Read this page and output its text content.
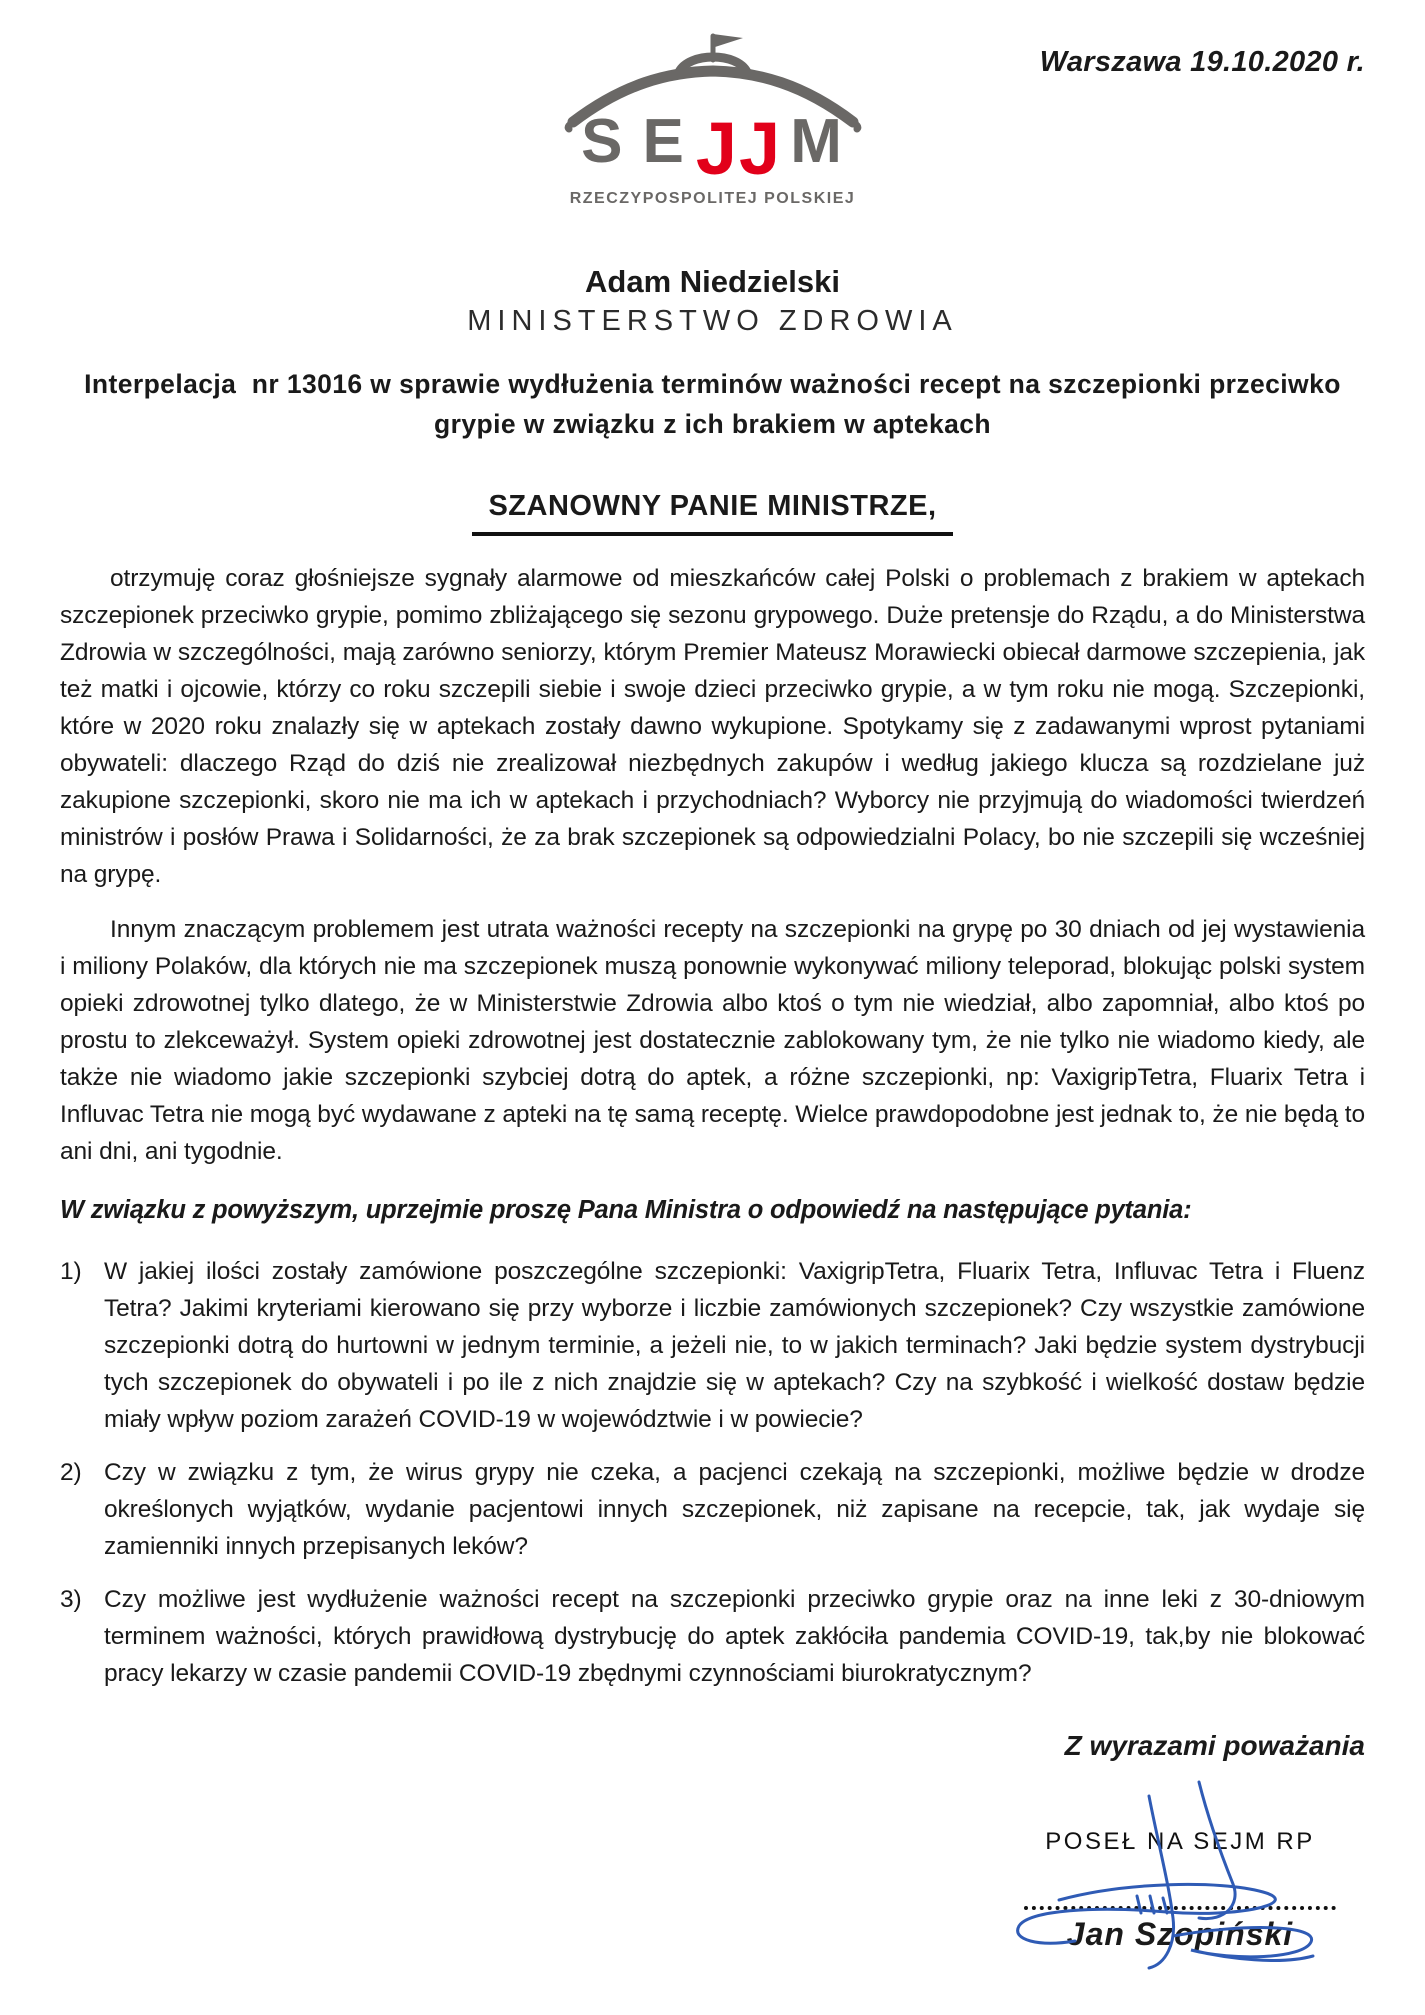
S E JJ M
RZECZYPOSPOLITEJ POLSKIEJ
Warszawa 19.10.2020 r.
Adam Niedzielski
MINISTERSTWO ZDROWIA
Interpelacja  nr 13016 w sprawie wydłużenia terminów ważności recept na szczepionki przeciwko grypie w związku z ich brakiem w aptekach
SZANOWNY PANIE MINISTRZE,

otrzymuję coraz głośniejsze sygnały alarmowe od mieszkańców całej Polski o problemach z brakiem w aptekach szczepionek przeciwko grypie, pomimo zbliżającego się sezonu grypowego. Duże pretensje do Rządu, a do Ministerstwa Zdrowia w szczególności, mają zarówno seniorzy, którym Premier Mateusz Morawiecki obiecał darmowe szczepienia, jak też matki i ojcowie, którzy co roku szczepili siebie i swoje dzieci przeciwko grypie, a w tym roku nie mogą. Szczepionki, które w 2020 roku znalazły się w aptekach zostały dawno wykupione. Spotykamy się z zadawanymi wprost pytaniami obywateli: dlaczego Rząd do dziś nie zrealizował niezbędnych zakupów i według jakiego klucza są rozdzielane już zakupione szczepionki, skoro nie ma ich w aptekach i przychodniach? Wyborcy nie przyjmują do wiadomości twierdzeń ministrów i posłów Prawa i Solidarności, że za brak szczepionek są odpowiedzialni Polacy, bo nie szczepili się wcześniej na grypę.

Innym znaczącym problemem jest utrata ważności recepty na szczepionki na grypę po 30 dniach od jej wystawienia i miliony Polaków, dla których nie ma szczepionek muszą ponownie wykonywać miliony teleporad, blokując polski system opieki zdrowotnej tylko dlatego, że w Ministerstwie Zdrowia albo ktoś o tym nie wiedział, albo zapomniał, albo ktoś po prostu to zlekceważył. System opieki zdrowotnej jest dostatecznie zablokowany tym, że nie tylko nie wiadomo kiedy, ale także nie wiadomo jakie szczepionki szybciej dotrą do aptek, a różne szczepionki, np: VaxigripTetra, Fluarix Tetra i Influvac Tetra nie mogą być wydawane z apteki na tę samą receptę. Wielce prawdopodobne jest jednak to, że nie będą to ani dni, ani tygodnie.

W związku z powyższym, uprzejmie proszę Pana Ministra o odpowiedź na następujące pytania:
1) W jakiej ilości zostały zamówione poszczególne szczepionki: VaxigripTetra, Fluarix Tetra, Influvac Tetra i Fluenz Tetra? Jakimi kryteriami kierowano się przy wyborze i liczbie zamówionych szczepionek? Czy wszystkie zamówione szczepionki dotrą do hurtowni w jednym terminie, a jeżeli nie, to w jakich terminach? Jaki będzie system dystrybucji tych szczepionek do obywateli i po ile z nich znajdzie się w aptekach? Czy na szybkość i wielkość dostaw będzie miały wpływ poziom zarażeń COVID-19 w województwie i w powiecie?
2) Czy w związku z tym, że wirus grypy nie czeka, a pacjenci czekają na szczepionki, możliwe będzie w drodze określonych wyjątków, wydanie pacjentowi innych szczepionek, niż zapisane na recepcie, tak, jak wydaje się zamienniki innych przepisanych leków?
3) Czy możliwe jest wydłużenie ważności recept na szczepionki przeciwko grypie oraz na inne leki z 30-dniowym terminem ważności, których prawidłową dystrybucję do aptek zakłóciła pandemia COVID-19, tak,by nie blokować pracy lekarzy w czasie pandemii COVID-19 zbędnymi czynnościami biurokratycznym?
Z wyrazami poważania
POSEŁ NA SEJM RP
Jan Szopiński
